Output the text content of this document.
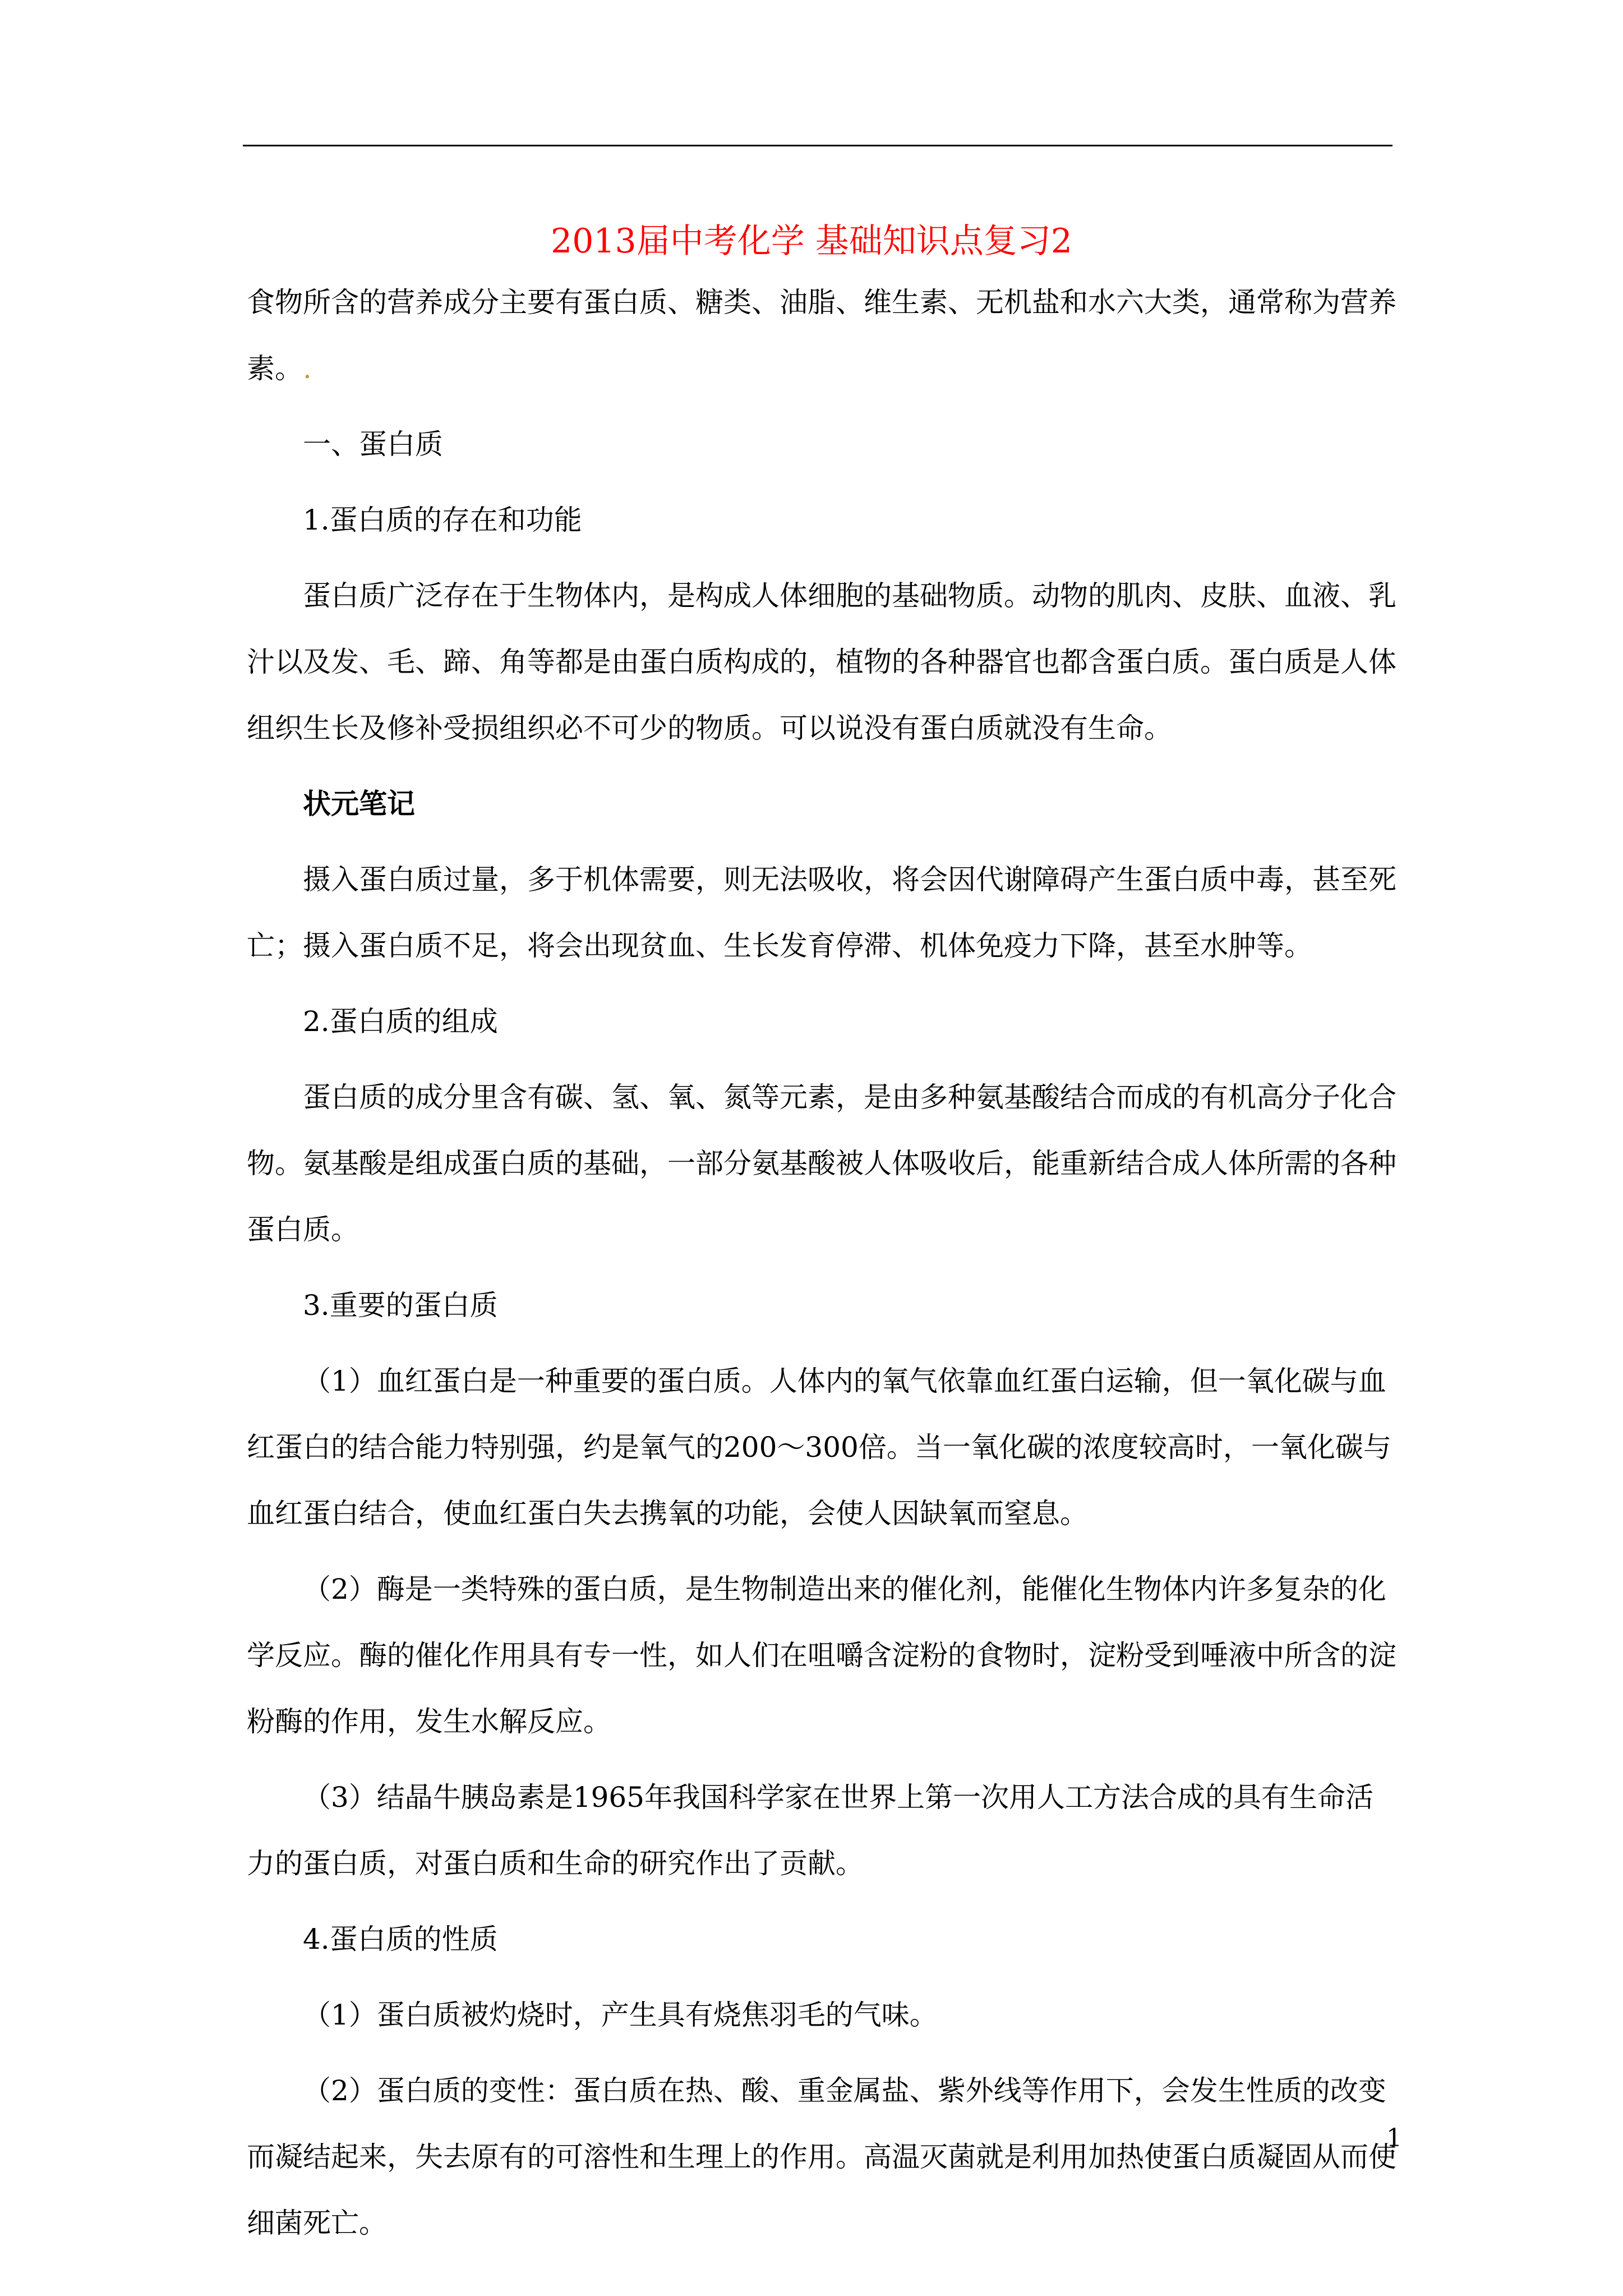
2013届中考化学 基础知识点复习2

食物所含的营养成分主要有蛋白质、糖类、油脂、维生素、无机盐和水六大类，通常称为营养素。.

一、蛋白质

1.蛋白质的存在和功能

蛋白质广泛存在于生物体内，是构成人体细胞的基础物质。动物的肌肉、皮肤、血液、乳汁以及发、毛、蹄、角等都是由蛋白质构成的，植物的各种器官也都含蛋白质。蛋白质是人体组织生长及修补受损组织必不可少的物质。可以说没有蛋白质就没有生命。

状元笔记

摄入蛋白质过量，多于机体需要，则无法吸收，将会因代谢障碍产生蛋白质中毒，甚至死亡；摄入蛋白质不足，将会出现贫血、生长发育停滞、机体免疫力下降，甚至水肿等。

2.蛋白质的组成

蛋白质的成分里含有碳、氢、氧、氮等元素，是由多种氨基酸结合而成的有机高分子化合物。氨基酸是组成蛋白质的基础，一部分氨基酸被人体吸收后，能重新结合成人体所需的各种蛋白质。

3.重要的蛋白质

（1）血红蛋白是一种重要的蛋白质。人体内的氧气依靠血红蛋白运输，但一氧化碳与血红蛋白的结合能力特别强，约是氧气的200～300倍。当一氧化碳的浓度较高时，一氧化碳与血红蛋白结合，使血红蛋白失去携氧的功能，会使人因缺氧而窒息。

（2）酶是一类特殊的蛋白质，是生物制造出来的催化剂，能催化生物体内许多复杂的化学反应。酶的催化作用具有专一性，如人们在咀嚼含淀粉的食物时，淀粉受到唾液中所含的淀粉酶的作用，发生水解反应。

（3）结晶牛胰岛素是1965年我国科学家在世界上第一次用人工方法合成的具有生命活力的蛋白质，对蛋白质和生命的研究作出了贡献。

4.蛋白质的性质

（1）蛋白质被灼烧时，产生具有烧焦羽毛的气味。

（2）蛋白质的变性：蛋白质在热、酸、重金属盐、紫外线等作用下，会发生性质的改变而凝结起来，失去原有的可溶性和生理上的作用。高温灭菌就是利用加热使蛋白质凝固从而使细菌死亡。

1
